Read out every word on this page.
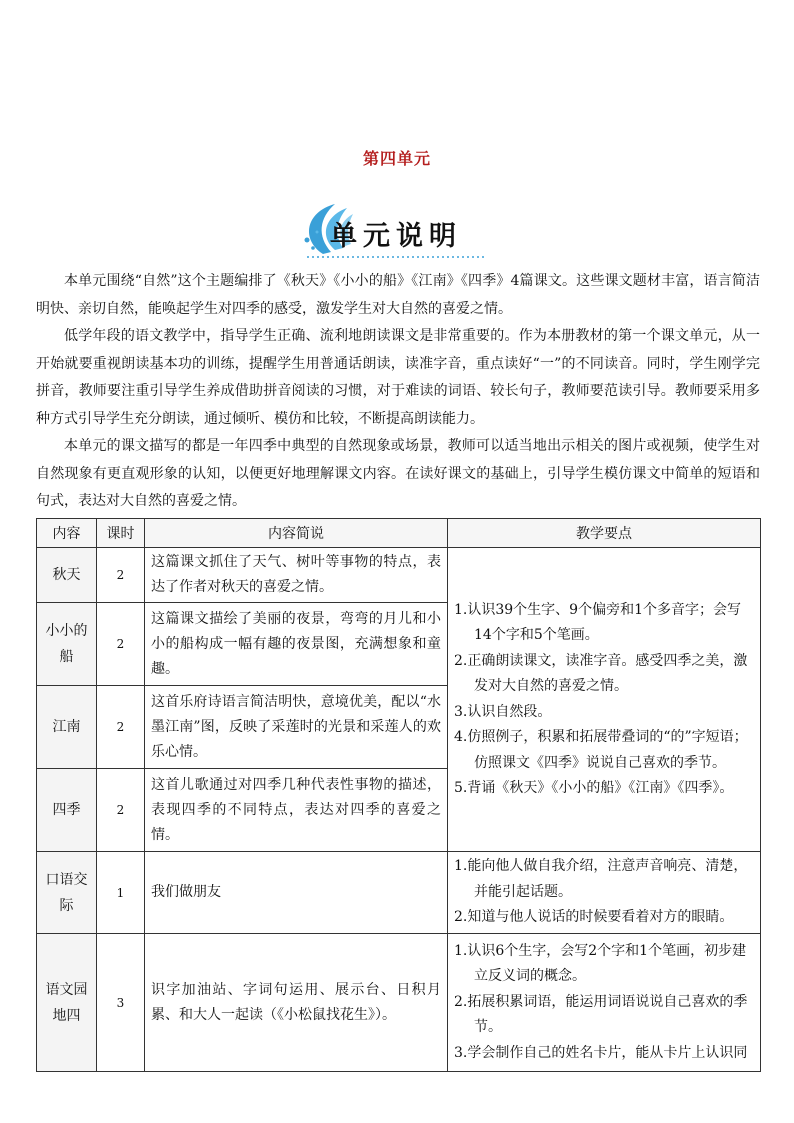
第四单元
单元说明

本单元围绕“自然”这个主题编排了《秋天》《小小的船》《江南》《四季》4篇课文。这些课文题材丰富，语言简洁明快、亲切自然，能唤起学生对四季的感受，激发学生对大自然的喜爱之情。

低学年段的语文教学中，指导学生正确、流利地朗读课文是非常重要的。作为本册教材的第一个课文单元，从一开始就要重视朗读基本功的训练，提醒学生用普通话朗读，读准字音，重点读好“一”的不同读音。同时，学生刚学完拼音，教师要注重引导学生养成借助拼音阅读的习惯，对于难读的词语、较长句子，教师要范读引导。教师要采用多种方式引导学生充分朗读，通过倾听、模仿和比较，不断提高朗读能力。

本单元的课文描写的都是一年四季中典型的自然现象或场景，教师可以适当地出示相关的图片或视频，使学生对自然现象有更直观形象的认知，以便更好地理解课文内容。在读好课文的基础上，引导学生模仿课文中简单的短语和句式，表达对大自然的喜爱之情。

内容	课时	内容简说	教学要点
秋天	2	这篇课文抓住了天气、树叶等事物的特点，表达了作者对秋天的喜爱之情。	1.认识39个生字、9个偏旁和1个多音字；会写14个字和5个笔画。
2.正确朗读课文，读准字音。感受四季之美，激发对大自然的喜爱之情。
3.认识自然段。
4.仿照例子，积累和拓展带叠词的“的”字短语；仿照课文《四季》说说自己喜欢的季节。
5.背诵《秋天》《小小的船》《江南》《四季》。

小小的船	2	这篇课文描绘了美丽的夜景，弯弯的月儿和小小的船构成一幅有趣的夜景图，充满想象和童趣。	
江南	2	这首乐府诗语言简洁明快，意境优美，配以“水墨江南”图，反映了采莲时的光景和采莲人的欢乐心情。	
四季	2	这首儿歌通过对四季几种代表性事物的描述，表现四季的不同特点，表达对四季的喜爱之情。	
口语交际	1	我们做朋友	1.能向他人做自我介绍，注意声音响亮、清楚，并能引起话题。
2.知道与他人说话的时候要看着对方的眼睛。

语文园地四	3	识字加油站、字词句运用、展示台、日积月累、和大人一起读（《小松鼠找花生》）。	1.认识6个生字，会写2个字和1个笔画，初步建立反义词的概念。
2.拓展积累词语，能运用词语说说自己喜欢的季节。
3.学会制作自己的姓名卡片，能从卡片上认识同
